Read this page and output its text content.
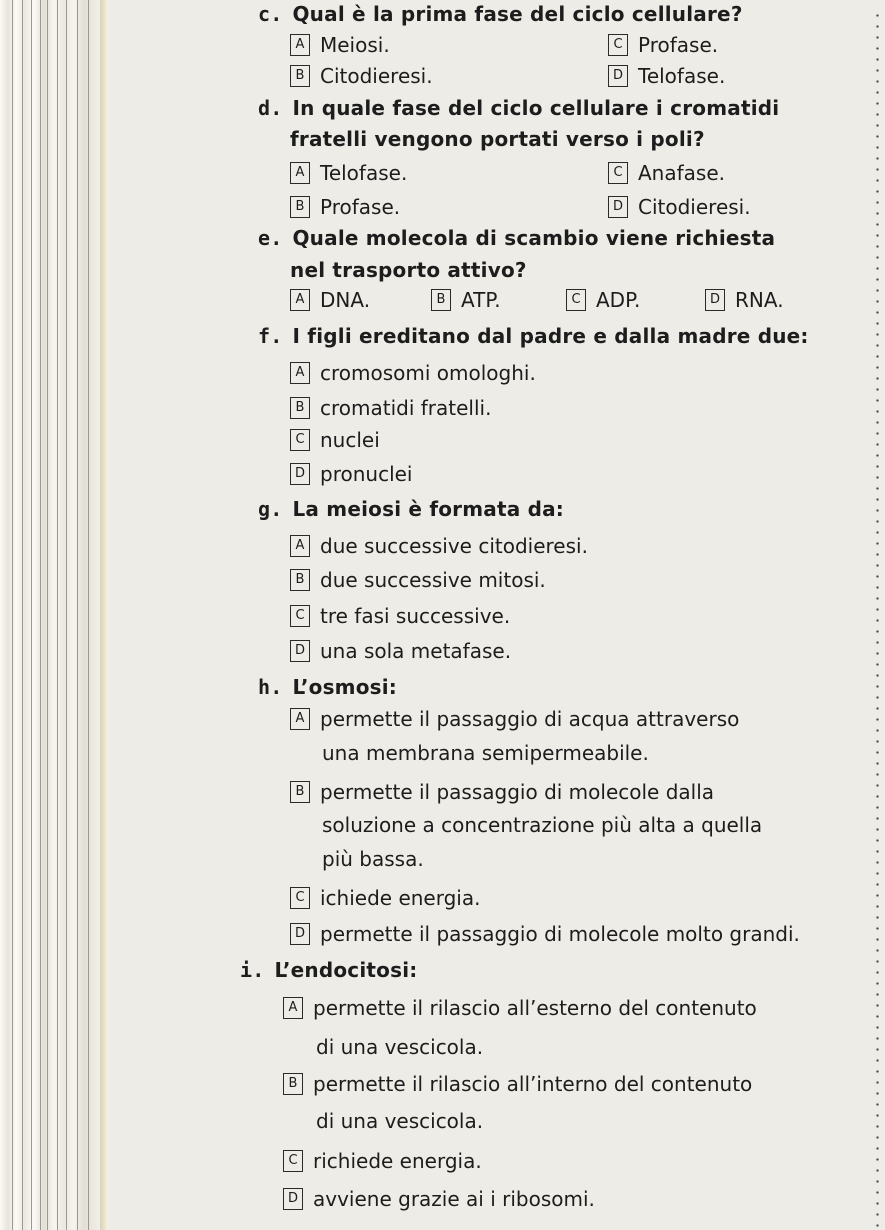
c. Qual è la prima fase del ciclo cellulare?
A Meiosi.	C Profase.
B Citodieresi.	D Telofase.
d. In quale fase del ciclo cellulare i cromatidi
fratelli vengono portati verso i poli?
A Telofase.	C Anafase.
B Profase.	D Citodieresi.
e. Quale molecola di scambio viene richiesta
nel trasporto attivo?
A DNA.	B ATP.	C ADP.	D RNA.
f. I figli ereditano dal padre e dalla madre due:
A cromosomi omologhi.
B cromatidi fratelli.
C nuclei
D pronuclei
g. La meiosi è formata da:
A due successive citodieresi.
B due successive mitosi.
C tre fasi successive.
D una sola metafase.
h. L’osmosi:
A permette il passaggio di acqua attraverso
una membrana semipermeabile.
B permette il passaggio di molecole dalla
soluzione a concentrazione più alta a quella
più bassa.
C ichiede energia.
D permette il passaggio di molecole molto grandi.
i. L’endocitosi:
A permette il rilascio all’esterno del contenuto
di una vescicola.
B permette il rilascio all’interno del contenuto
di una vescicola.
C richiede energia.
D avviene grazie ai i ribosomi.
